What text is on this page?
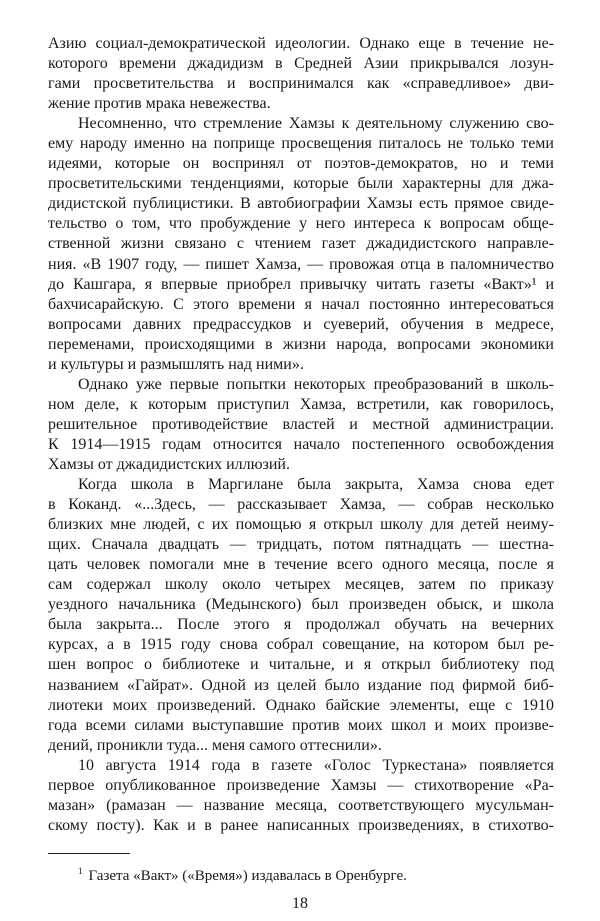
Азию социал-демократической идеологии. Однако еще в течение не-
которого времени джадидизм в Средней Азии прикрывался лозун-
гами просветительства и воспринимался как «справедливое» дви-
жение против мрака невежества.
Несомненно, что стремление Хамзы к деятельному служению сво-
ему народу именно на поприще просвещения питалось не только теми
идеями, которые он воспринял от поэтов-демократов, но и теми
просветительскими тенденциями, которые были характерны для джа-
дидистской публицистики. В автобиографии Хамзы есть прямое свиде-
тельство о том, что пробуждение у него интереса к вопросам обще-
ственной жизни связано с чтением газет джадидистского направле-
ния. «В 1907 году, — пишет Хамза, — провожая отца в паломничество
до Кашгара, я впервые приобрел привычку читать газеты «Вакт»¹ и
бахчисарайскую. С этого времени я начал постоянно интересоваться
вопросами давних предрассудков и суеверий, обучения в медресе,
переменами, происходящими в жизни народа, вопросами экономики
и культуры и размышлять над ними».
Однако уже первые попытки некоторых преобразований в школь-
ном деле, к которым приступил Хамза, встретили, как говорилось,
решительное противодействие властей и местной администрации.
К 1914—1915 годам относится начало постепенного освобождения
Хамзы от джадидистских иллюзий.
Когда школа в Маргилане была закрыта, Хамза снова едет
в Коканд. «...Здесь, — рассказывает Хамза, — собрав несколько
близких мне людей, с их помощью я открыл школу для детей неиму-
щих. Сначала двадцать — тридцать, потом пятнадцать — шестна-
цать человек помогали мне в течение всего одного месяца, после я
сам содержал школу около четырех месяцев, затем по приказу
уездного начальника (Медынского) был произведен обыск, и школа
была закрыта... После этого я продолжал обучать на вечерних
курсах, а в 1915 году снова собрал совещание, на котором был ре-
шен вопрос о библиотеке и читальне, и я открыл библиотеку под
названием «Гайрат». Одной из целей было издание под фирмой биб-
лиотеки моих произведений. Однако байские элементы, еще с 1910
года всеми силами выступавшие против моих школ и моих произве-
дений, проникли туда... меня самого оттеснили».
10 августа 1914 года в газете «Голос Туркестана» появляется
первое опубликованное произведение Хамзы — стихотворение «Ра-
мазан» (рамазан — название месяца, соответствующего мусульман-
скому посту). Как и в ранее написанных произведениях, в стихотво-
$^1$ Газета «Вакт» («Время») издавалась в Оренбурге.
18
